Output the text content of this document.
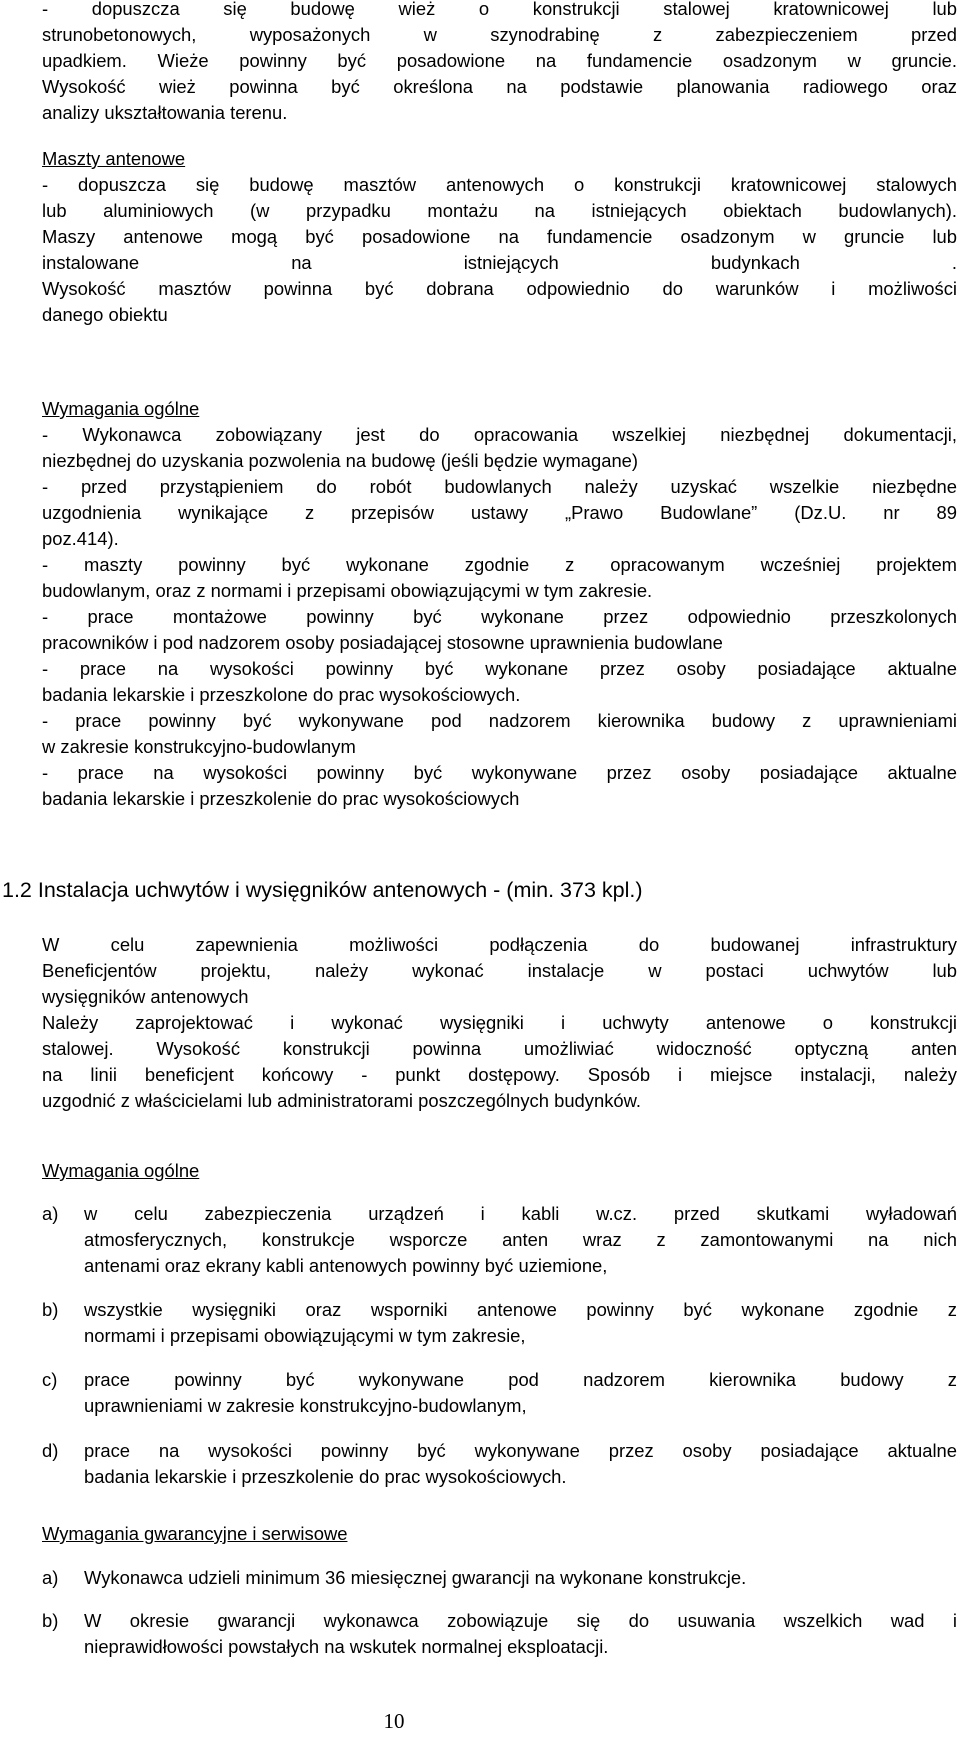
- dopuszcza się budowę wież o konstrukcji stalowej kratownicowej lub
strunobetonowych, wyposażonych w szynodrabinę z zabezpieczeniem przed
upadkiem. Wieże powinny być posadowione na fundamencie osadzonym w gruncie.
Wysokość wież powinna być określona na podstawie planowania radiowego oraz
analizy ukształtowania terenu.
Maszty antenowe
- dopuszcza się budowę masztów antenowych o konstrukcji kratownicowej stalowych
lub aluminiowych (w przypadku montażu na istniejących obiektach budowlanych).
Maszy antenowe mogą być posadowione na fundamencie osadzonym w gruncie lub
instalowane na istniejących budynkach .
Wysokość masztów powinna być dobrana odpowiednio do warunków i możliwości
danego obiektu
Wymagania ogólne
- Wykonawca zobowiązany jest do opracowania wszelkiej niezbędnej dokumentacji,
niezbędnej do uzyskania pozwolenia na budowę (jeśli będzie wymagane)
- przed przystąpieniem do robót budowlanych należy uzyskać wszelkie niezbędne
uzgodnienia wynikające z przepisów ustawy „Prawo Budowlane” (Dz.U. nr 89
poz.414).
- maszty powinny być wykonane zgodnie z opracowanym wcześniej projektem
budowlanym, oraz z normami i przepisami obowiązującymi w tym zakresie.
- prace montażowe powinny być wykonane przez odpowiednio przeszkolonych
pracowników i pod nadzorem osoby posiadającej stosowne uprawnienia budowlane
- prace na wysokości powinny być wykonane przez osoby posiadające aktualne
badania lekarskie i przeszkolone do prac wysokościowych.
- prace powinny być wykonywane pod nadzorem kierownika budowy z uprawnieniami
w zakresie konstrukcyjno-budowlanym
- prace na wysokości powinny być wykonywane przez osoby posiadające aktualne
badania lekarskie i przeszkolenie do prac wysokościowych
1.2 Instalacja uchwytów i wysięgników antenowych - (min. 373 kpl.)
W celu zapewnienia możliwości podłączenia do budowanej infrastruktury
Beneficjentów projektu, należy wykonać instalacje w postaci uchwytów lub
wysięgników antenowych
Należy zaprojektować i wykonać wysięgniki i uchwyty antenowe o konstrukcji
stalowej. Wysokość konstrukcji powinna umożliwiać widoczność optyczną anten
na linii beneficjent końcowy - punkt dostępowy. Sposób i miejsce instalacji, należy
uzgodnić z właścicielami lub administratorami poszczególnych budynków.
Wymagania ogólne
a) w celu zabezpieczenia urządzeń i kabli w.cz. przed skutkami wyładowań
atmosferycznych, konstrukcje wsporcze anten wraz z zamontowanymi na nich
antenami oraz ekrany kabli antenowych powinny być uziemione,
b) wszystkie wysięgniki oraz wsporniki antenowe powinny być wykonane zgodnie z
normami i przepisami obowiązującymi w tym zakresie,
c) prace powinny być wykonywane pod nadzorem kierownika budowy z
uprawnieniami w zakresie konstrukcyjno-budowlanym,
d) prace na wysokości powinny być wykonywane przez osoby posiadające aktualne
badania lekarskie i przeszkolenie do prac wysokościowych.
Wymagania gwarancyjne i serwisowe
a) Wykonawca udzieli minimum 36 miesięcznej gwarancji na wykonane konstrukcje.
b) W okresie gwarancji wykonawca zobowiązuje się do usuwania wszelkich wad i
nieprawidłowości powstałych na wskutek normalnej eksploatacji.
10
